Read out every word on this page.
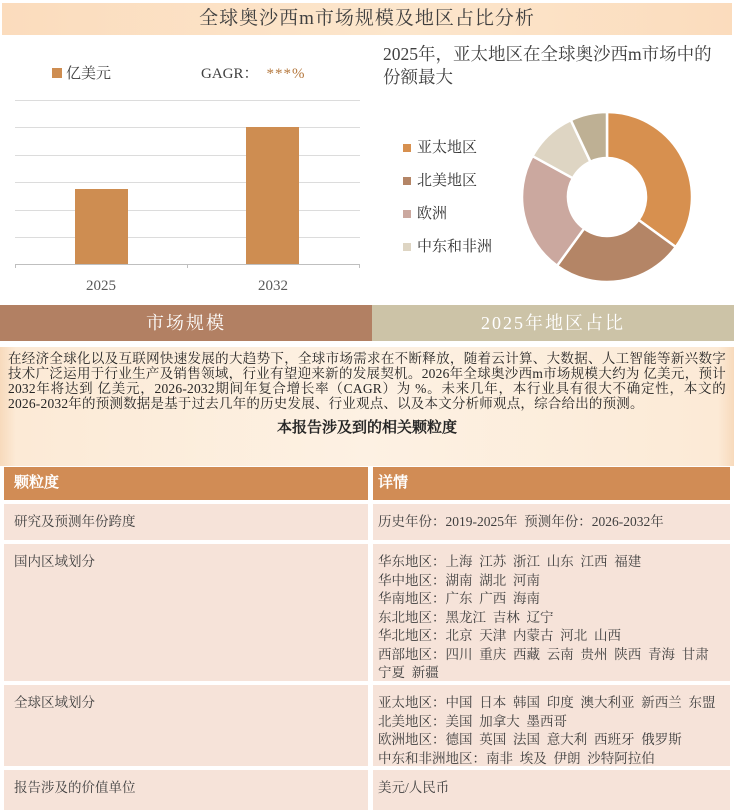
全球奥沙西m市场规模及地区占比分析
亿美元	GAGR： ***%
2025	2032

2025年，亚太地区在全球奥沙西m市场中的份额最大

亚太地区
北美地区
欧洲
中东和非洲
市场规模	2025年地区占比

在经济全球化以及互联网快速发展的大趋势下，全球市场需求在不断释放，随着云计算、大数据、人工智能等新兴数字技术广泛运用于行业生产及销售领域，行业有望迎来新的发展契机。2026年全球奥沙西m市场规模大约为 亿美元，预计2032年将达到 亿美元，2026-2032期间年复合增长率（CAGR）为 %。未来几年，本行业具有很大不确定性，本文的2026-2032年的预测数据是基于过去几年的历史发展、行业观点、以及本文分析师观点，综合给出的预测。

本报告涉及到的相关颗粒度
颗粒度	详情
研究及预测年份跨度	历史年份：2019-2025年  预测年份：2026-2032年
国内区域划分	华东地区：上海  江苏  浙江  山东  江西  福建
华中地区：湖南  湖北  河南
华南地区：广东  广西  海南
东北地区：黑龙江  吉林  辽宁
华北地区：北京  天津  内蒙古  河北  山西
西部地区：四川  重庆  西藏  云南  贵州  陕西  青海  甘肃  宁夏  新疆
全球区域划分	亚太地区：中国  日本  韩国  印度  澳大利亚  新西兰  东盟
北美地区：美国  加拿大  墨西哥
欧洲地区：德国  英国  法国  意大利  西班牙  俄罗斯
中东和非洲地区：南非  埃及  伊朗  沙特阿拉伯
报告涉及的价值单位	美元/人民币
